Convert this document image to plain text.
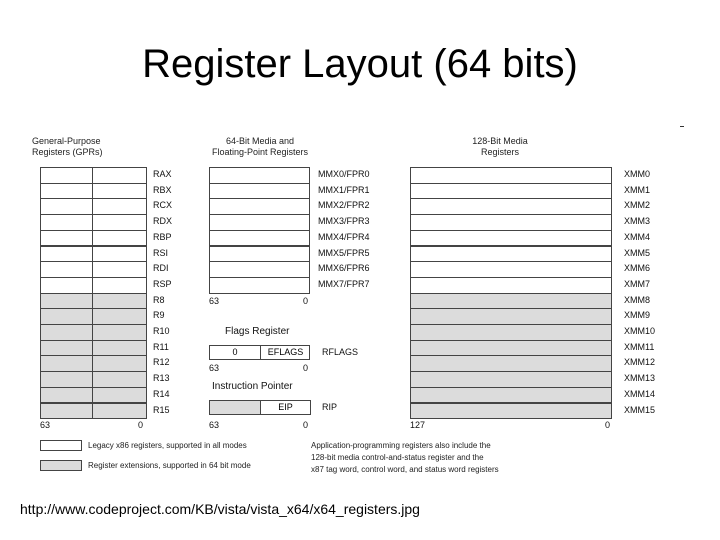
Register Layout (64 bits)
General-Purpose
Registers (GPRs)
64-Bit Media and
Floating-Point Registers
128-Bit Media
Registers
63	0
63	0
Flags Register
0	EFLAGS	RFLAGS
63	0
Instruction Pointer
EIP	RIP
63	0	127	0
Legacy x86 registers, supported in all modes
Register extensions, supported in 64 bit mode
Application-programming registers also include the
128-bit media control-and-status register and the
x87 tag word, control word, and status word registers
RAX
RBX
RCX
RDX
RBP
RSI
RDI
RSP
R8
R9
R10
R11
R12
R13
R14
R15
MMX0/FPR0
MMX1/FPR1
MMX2/FPR2
MMX3/FPR3
MMX4/FPR4
MMX5/FPR5
MMX6/FPR6
MMX7/FPR7
XMM0
XMM1
XMM2
XMM3
XMM4
XMM5
XMM6
XMM7
XMM8
XMM9
XMM10
XMM11
XMM12
XMM13
XMM14
XMM15
http://www.codeproject.com/KB/vista/vista_x64/x64_registers.jpg
